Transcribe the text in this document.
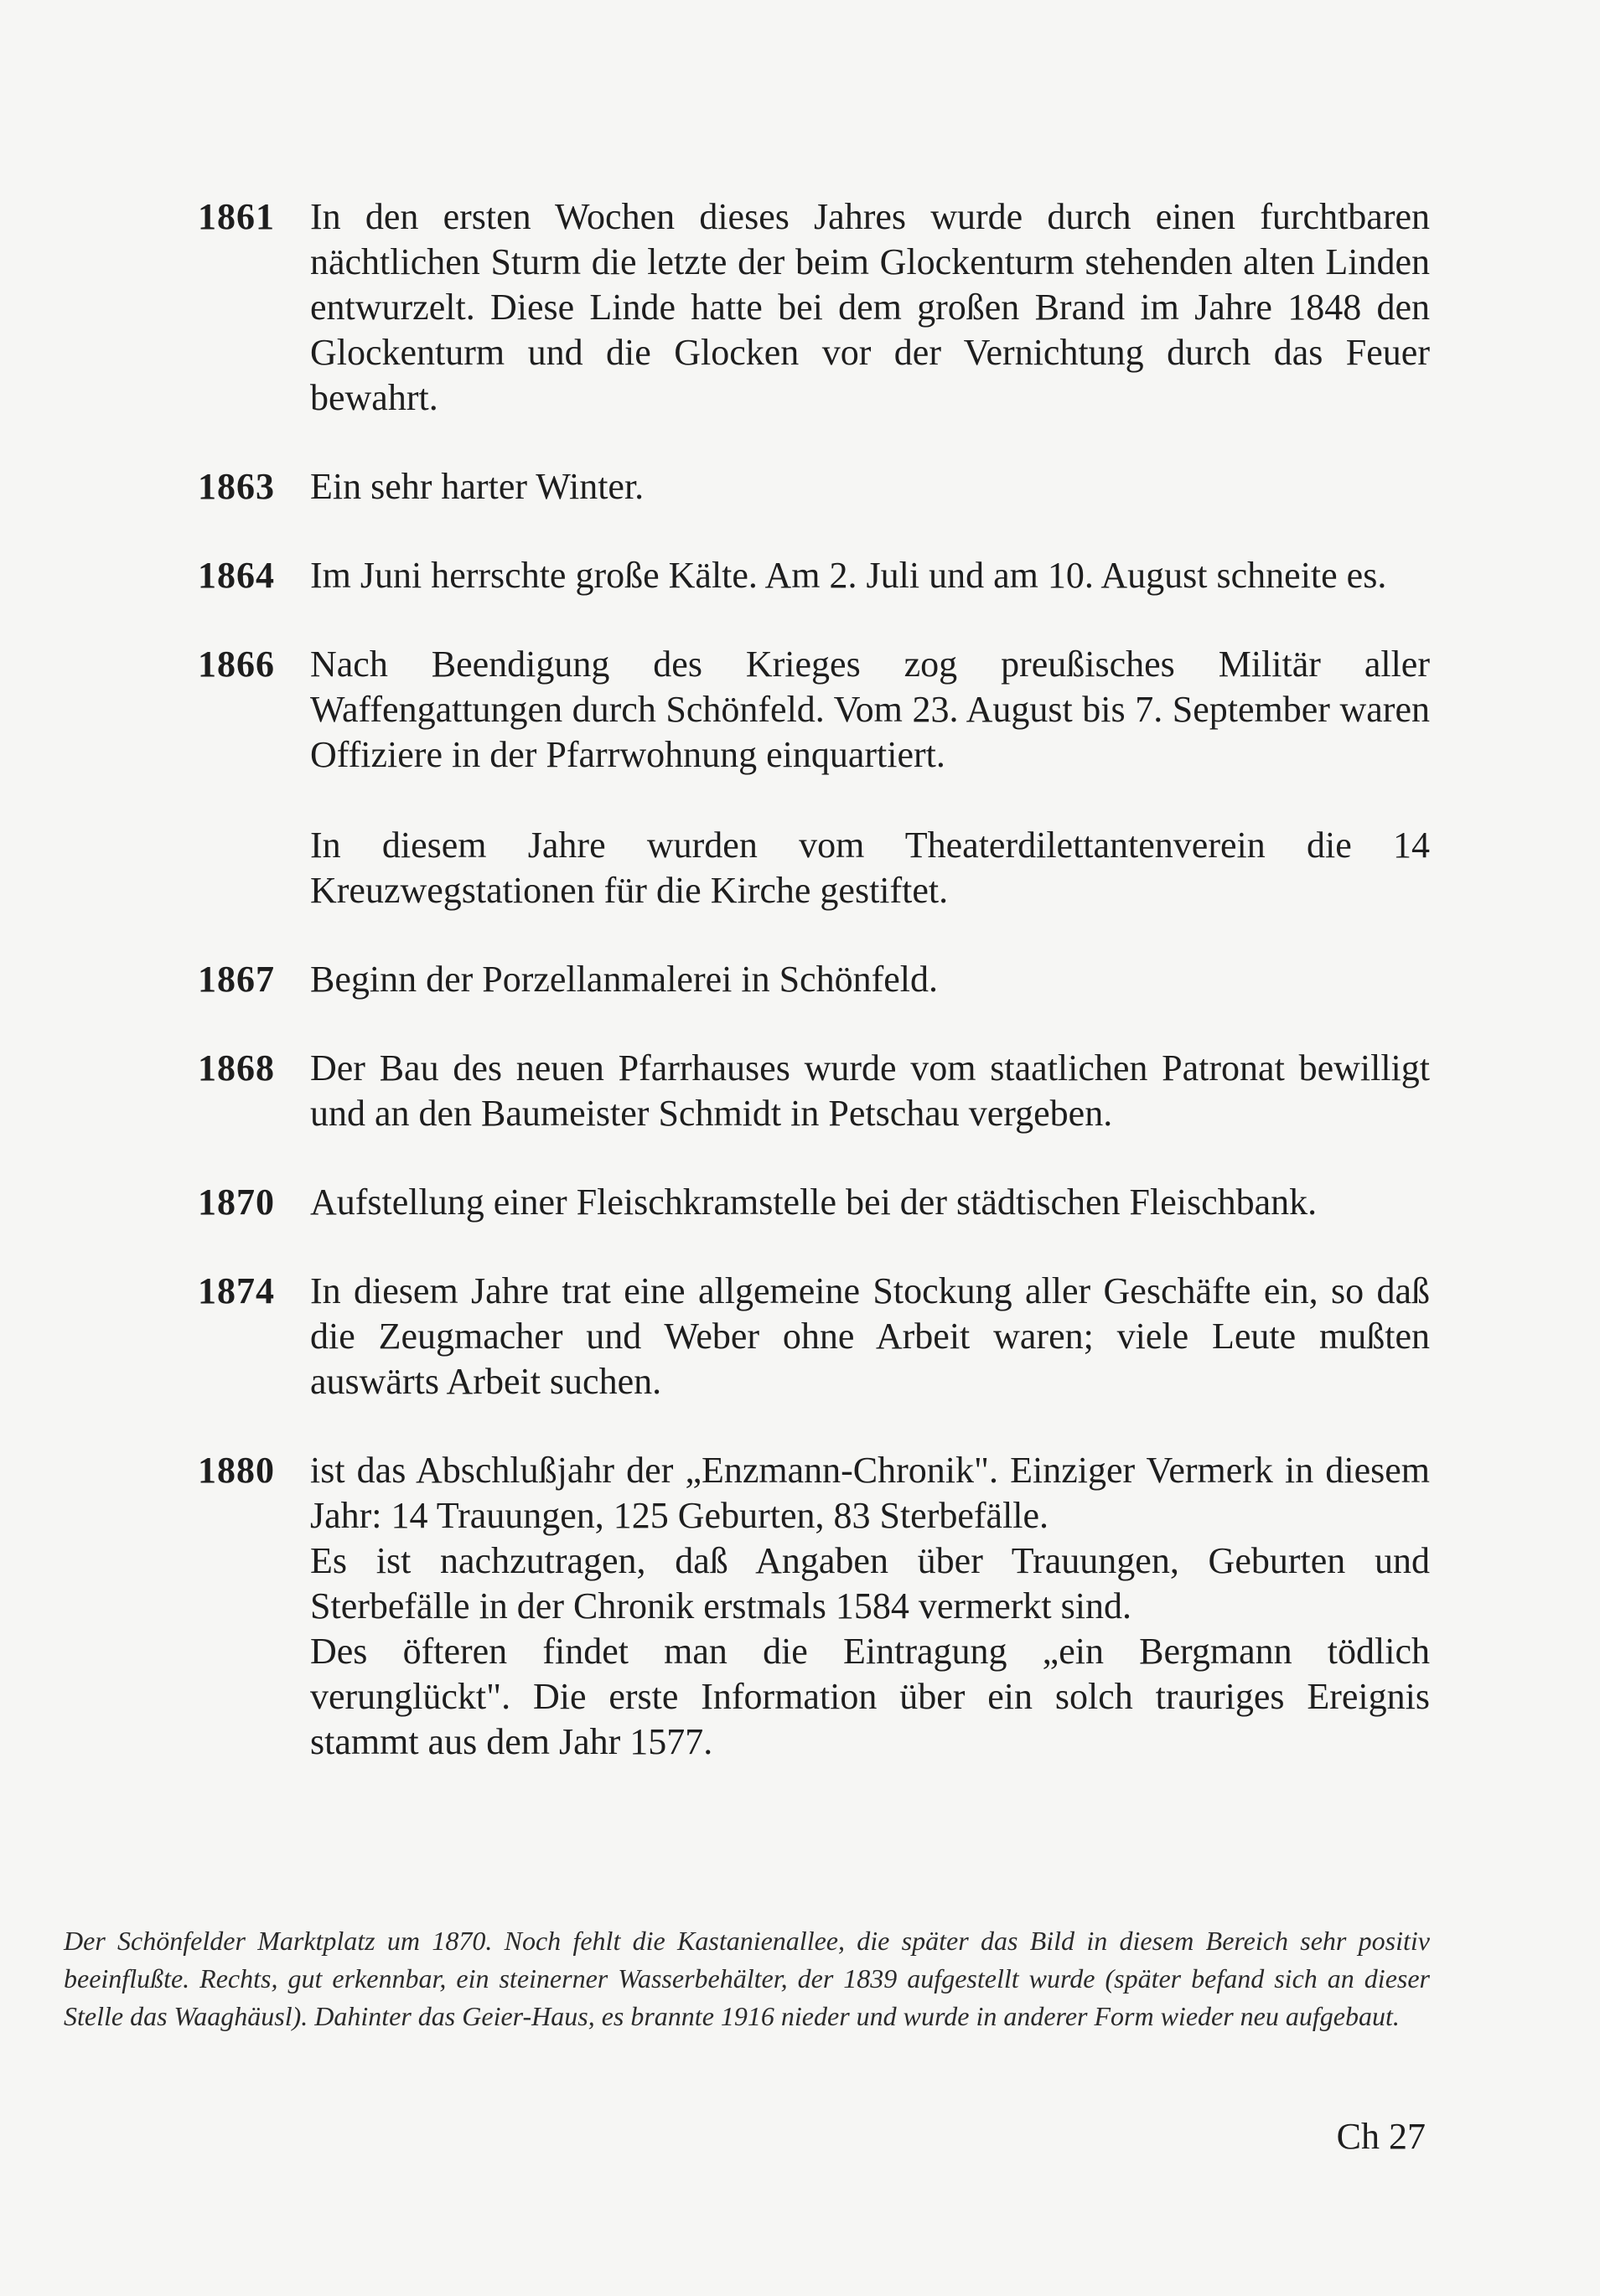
1861 In den ersten Wochen dieses Jahres wurde durch einen furchtbaren nächtlichen Sturm die letzte der beim Glockenturm stehenden alten Linden entwurzelt. Diese Linde hatte bei dem großen Brand im Jahre 1848 den Glockenturm und die Glocken vor der Vernichtung durch das Feuer bewahrt.

1863 Ein sehr harter Winter.

1864 Im Juni herrschte große Kälte. Am 2. Juli und am 10. August schneite es.

1866 Nach Beendigung des Krieges zog preußisches Militär aller Waffengattungen durch Schönfeld. Vom 23. August bis 7. September waren Offiziere in der Pfarrwohnung einquartiert.

In diesem Jahre wurden vom Theaterdilettantenverein die 14 Kreuzwegstationen für die Kirche gestiftet.

1867 Beginn der Porzellanmalerei in Schönfeld.

1868 Der Bau des neuen Pfarrhauses wurde vom staatlichen Patronat bewilligt und an den Baumeister Schmidt in Petschau vergeben.

1870 Aufstellung einer Fleischkramstelle bei der städtischen Fleischbank.

1874 In diesem Jahre trat eine allgemeine Stockung aller Geschäfte ein, so daß die Zeugmacher und Weber ohne Arbeit waren; viele Leute mußten auswärts Arbeit suchen.

1880 ist das Abschlußjahr der „Enzmann-Chronik". Einziger Vermerk in diesem Jahr: 14 Trauungen, 125 Geburten, 83 Sterbefälle.

Es ist nachzutragen, daß Angaben über Trauungen, Geburten und Sterbefälle in der Chronik erstmals 1584 vermerkt sind.

Des öfteren findet man die Eintragung „ein Bergmann tödlich verunglückt". Die erste Information über ein solch trauriges Ereignis stammt aus dem Jahr 1577.

Der Schönfelder Marktplatz um 1870. Noch fehlt die Kastanienallee, die später das Bild in diesem Bereich sehr positiv beeinflußte. Rechts, gut erkennbar, ein steinerner Wasserbehälter, der 1839 aufgestellt wurde (später befand sich an dieser Stelle das Waaghäusl). Dahinter das Geier-Haus, es brannte 1916 nieder und wurde in anderer Form wieder neu aufgebaut.
Ch 27
